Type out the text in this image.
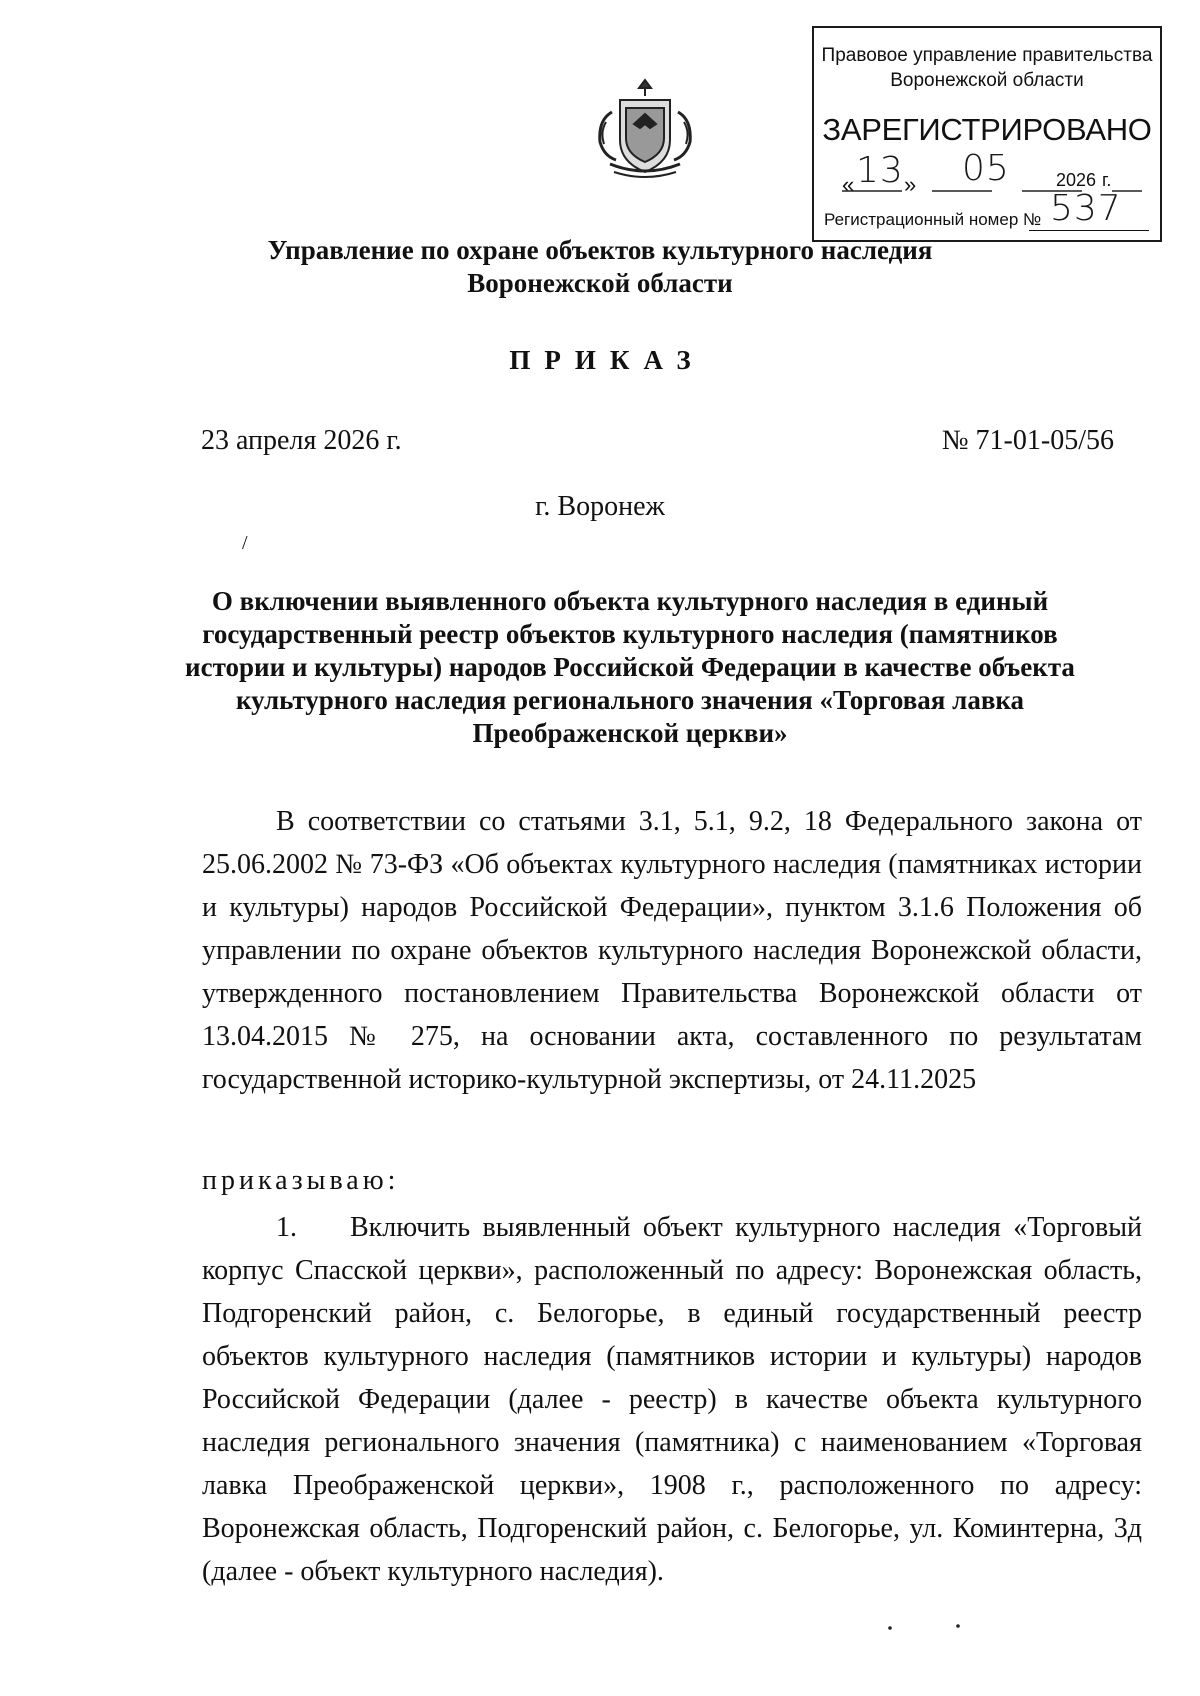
Правовое управление правительства
Воронежской области
ЗАРЕГИСТРИРОВАНО
« 13 » 05	2026 г.
Регистрационный номер № 537
Управление по охране объектов культурного наследия
Воронежской области
ПРИКАЗ
23 апреля 2026 г.	№ 71-01-05/56
г. Воронеж
/
О включении выявленного объекта культурного наследия в единый государственный реестр объектов культурного наследия (памятников истории и культуры) народов Российской Федерации в качестве объекта культурного наследия регионального значения «Торговая лавка Преображенской церкви»
В соответствии со статьями 3.1, 5.1, 9.2, 18 Федерального закона от 25.06.2002 № 73-ФЗ «Об объектах культурного наследия (памятниках истории и культуры) народов Российской Федерации», пунктом 3.1.6 Положения об управлении по охране объектов культурного наследия Воронежской области, утвержденного постановлением Правительства Воронежской области от 13.04.2015 № 275, на основании акта, составленного по результатам государственной историко-культурной экспертизы, от 24.11.2025
приказываю:
1. Включить выявленный объект культурного наследия «Торговый корпус Спасской церкви», расположенный по адресу: Воронежская область, Подгоренский район, с. Белогорье, в единый государственный реестр объектов культурного наследия (памятников истории и культуры) народов Российской Федерации (далее - реестр) в качестве объекта культурного наследия регионального значения (памятника) с наименованием «Торговая лавка Преображенской церкви», 1908 г., расположенного по адресу: Воронежская область, Подгоренский район, с. Белогорье, ул. Коминтерна, 3д (далее - объект культурного наследия).
